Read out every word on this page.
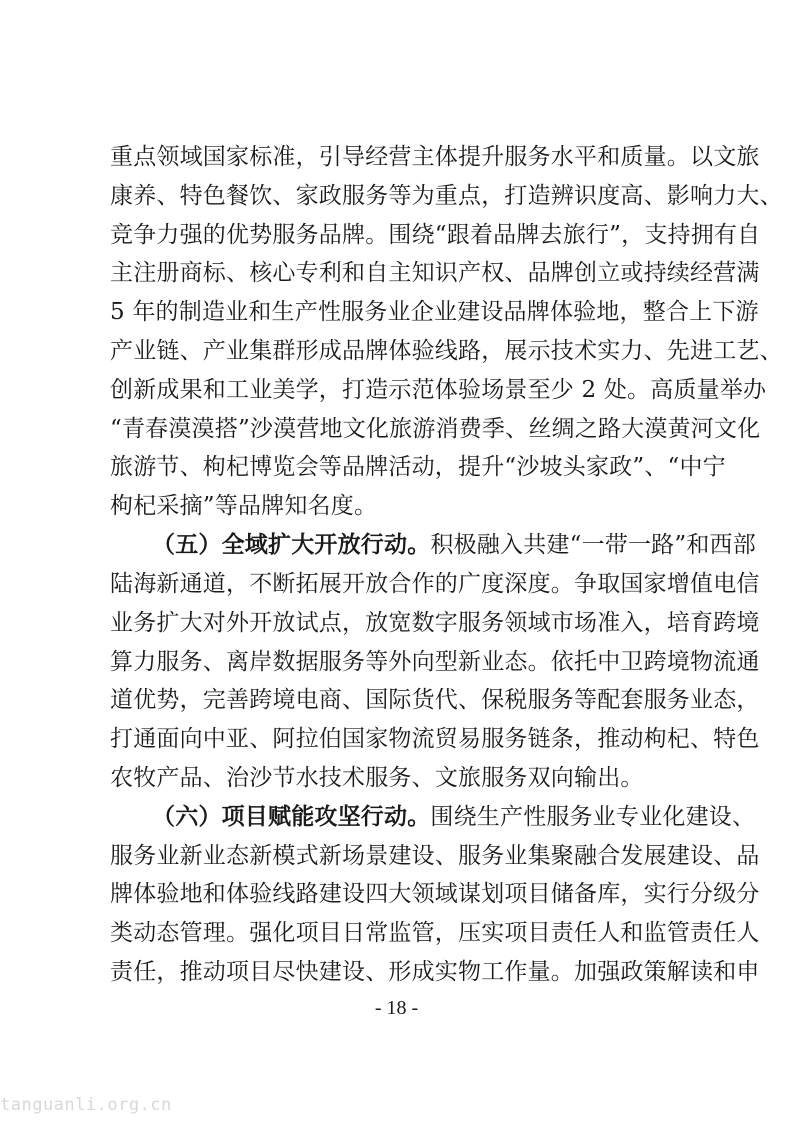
重点领域国家标准，引导经营主体提升服务水平和质量。以文旅
康养、特色餐饮、家政服务等为重点，打造辨识度高、影响力大、
竞争力强的优势服务品牌。围绕“跟着品牌去旅行”，支持拥有自
主注册商标、核心专利和自主知识产权、品牌创立或持续经营满
5 年的制造业和生产性服务业企业建设品牌体验地，整合上下游
产业链、产业集群形成品牌体验线路，展示技术实力、先进工艺、
创新成果和工业美学，打造示范体验场景至少 2 处。高质量举办
“青春漠漠搭”沙漠营地文化旅游消费季、丝绸之路大漠黄河文化
旅游节、枸杞博览会等品牌活动，提升“沙坡头家政”、“中宁
枸杞采摘”等品牌知名度。
（五）全域扩大开放行动。积极融入共建“一带一路”和西部
陆海新通道，不断拓展开放合作的广度深度。争取国家增值电信
业务扩大对外开放试点，放宽数字服务领域市场准入，培育跨境
算力服务、离岸数据服务等外向型新业态。依托中卫跨境物流通
道优势，完善跨境电商、国际货代、保税服务等配套服务业态，
打通面向中亚、阿拉伯国家物流贸易服务链条，推动枸杞、特色
农牧产品、治沙节水技术服务、文旅服务双向输出。
（六）项目赋能攻坚行动。围绕生产性服务业专业化建设、
- 18 -
tanguanli.org.cn
服务业新业态新模式新场景建设、服务业集聚融合发展建设、品
牌体验地和体验线路建设四大领域谋划项目储备库，实行分级分
类动态管理。强化项目日常监管，压实项目责任人和监管责任人
责任，推动项目尽快建设、形成实物工作量。加强政策解读和申
